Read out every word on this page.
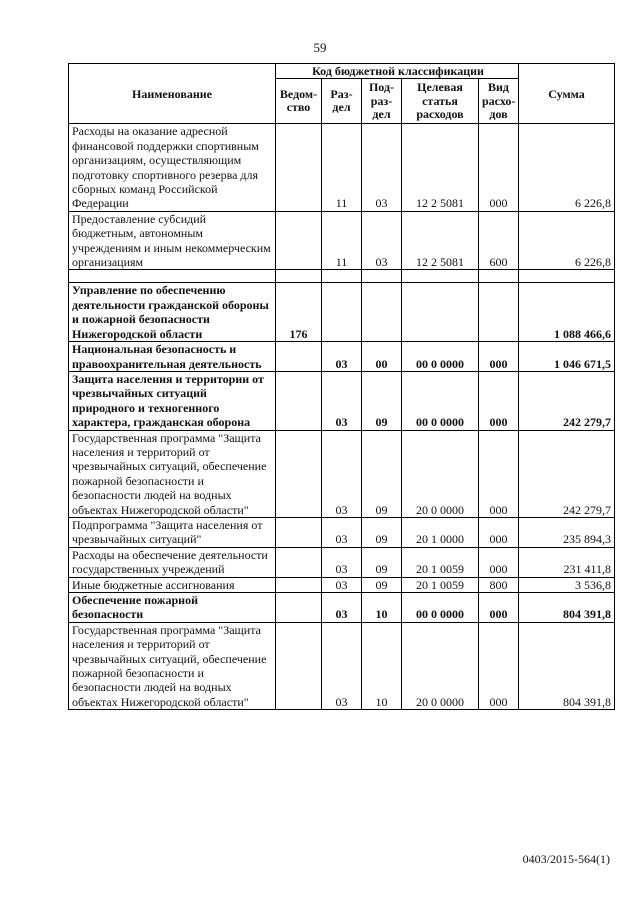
59
Наименование	Код бюджетной классификации					Сумма
	Ведом-ство	Раз-дел	Под-раз-дел	Целевая статья расходов	Вид расхо-дов	
Расходы на оказание адресной финансовой поддержки спортивным организациям, осуществляющим подготовку спортивного резерва для сборных команд Российской Федерации		11	03	12 2 5081	000	6 226,8
Предоставление субсидий бюджетным, автономным учреждениям и иным некоммерческим организациям		11	03	12 2 5081	600	6 226,8

Управление по обеспечению деятельности гражданской обороны и пожарной безопасности Нижегородской области	176					1 088 466,6
Национальная безопасность и правоохранительная деятельность		03	00	00 0 0000	000	1 046 671,5
Защита населения и территории от чрезвычайных ситуаций природного и техногенного характера, гражданская оборона		03	09	00 0 0000	000	242 279,7
Государственная программа "Защита населения и территорий от чрезвычайных ситуаций, обеспечение пожарной безопасности и безопасности людей на водных объектах Нижегородской области"		03	09	20 0 0000	000	242 279,7
Подпрограмма "Защита населения от чрезвычайных ситуаций"		03	09	20 1 0000	000	235 894,3
Расходы на обеспечение деятельности государственных учреждений		03	09	20 1 0059	000	231 411,8
Иные бюджетные ассигнования		03	09	20 1 0059	800	3 536,8
Обеспечение пожарной безопасности		03	10	00 0 0000	000	804 391,8
Государственная программа "Защита населения и территорий от чрезвычайных ситуаций, обеспечение пожарной безопасности и безопасности людей на водных объектах Нижегородской области"		03	10	20 0 0000	000	804 391,8
0403/2015-564(1)
